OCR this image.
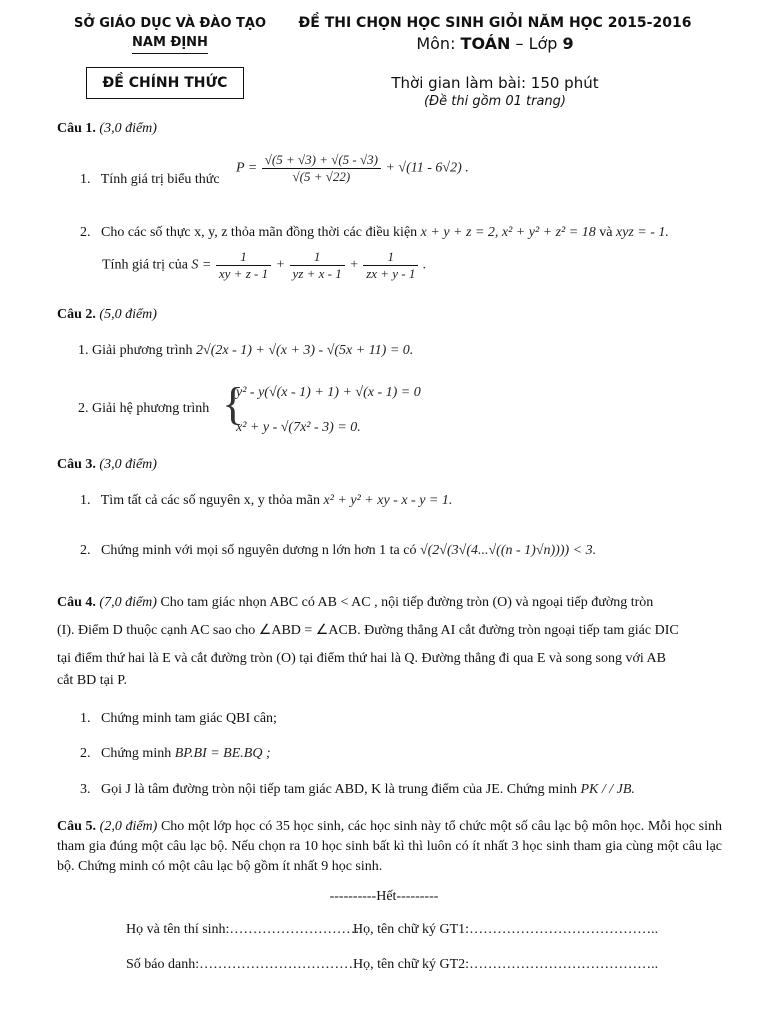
SỞ GIÁO DỤC VÀ ĐÀO TẠO
NAM ĐỊNH
ĐỀ CHÍNH THỨC
ĐỀ THI CHỌN HỌC SINH GIỎI NĂM HỌC 2015-2016
Môn: TOÁN – Lớp 9
Thời gian làm bài: 150 phút
(Đề thi gồm 01 trang)
Câu 1. (3,0 điểm)
1. Tính giá trị biểu thức
$P = \frac{√(5 + √3) + √(5 - √3)}{√(5 + √22)} + √(11 - 6√2)$ .
2. Cho các số thực x, y, z thỏa mãn đồng thời các điều kiện x + y + z = 2, x² + y² + z² = 18 và xyz = - 1.
Tính giá trị của $S = \frac{1}{xy + z - 1} + \frac{1}{yz + x - 1} + \frac{1}{zx + y - 1}$ .
Câu 2. (5,0 điểm)
1. Giải phương trình 2√(2x - 1) + √(x + 3) - √(5x + 11) = 0.
2. Giải hệ phương trình {
y² - y(√(x - 1) + 1) + √(x - 1) = 0
x² + y - √(7x² - 3) = 0.
Câu 3. (3,0 điểm)
1. Tìm tất cả các số nguyên x, y thỏa mãn x² + y² + xy - x - y = 1.
2. Chứng minh với mọi số nguyên dương n lớn hơn 1 ta có √(2√(3√(4...√((n - 1)√n)))) < 3.
Câu 4. (7,0 điểm) Cho tam giác nhọn ABC có AB < AC , nội tiếp đường tròn (O) và ngoại tiếp đường tròn
(I). Điểm D thuộc cạnh AC sao cho ∠ABD = ∠ACB. Đường thẳng AI cắt đường tròn ngoại tiếp tam giác DIC
tại điểm thứ hai là E và cắt đường tròn (O) tại điểm thứ hai là Q. Đường thẳng đi qua E và song song với AB
cắt BD tại P.
1. Chứng minh tam giác QBI cân;
2. Chứng minh BP.BI = BE.BQ ;
3. Gọi J là tâm đường tròn nội tiếp tam giác ABD, K là trung điểm của JE. Chứng minh PK / / JB.
Câu 5. (2,0 điểm) Cho một lớp học có 35 học sinh, các học sinh này tổ chức một số câu lạc bộ môn học. Mỗi học sinh tham gia đúng một câu lạc bộ. Nếu chọn ra 10 học sinh bất kì thì luôn có ít nhất 3 học sinh tham gia cùng một câu lạc bộ. Chứng minh có một câu lạc bộ gồm ít nhất 9 học sinh.
----------Hết---------
Họ và tên thí sinh:……………………….
Họ, tên chữ ký GT1:…………………………………..
Số báo danh:…………………………… Họ, tên chữ ký GT2:…………………………………..
